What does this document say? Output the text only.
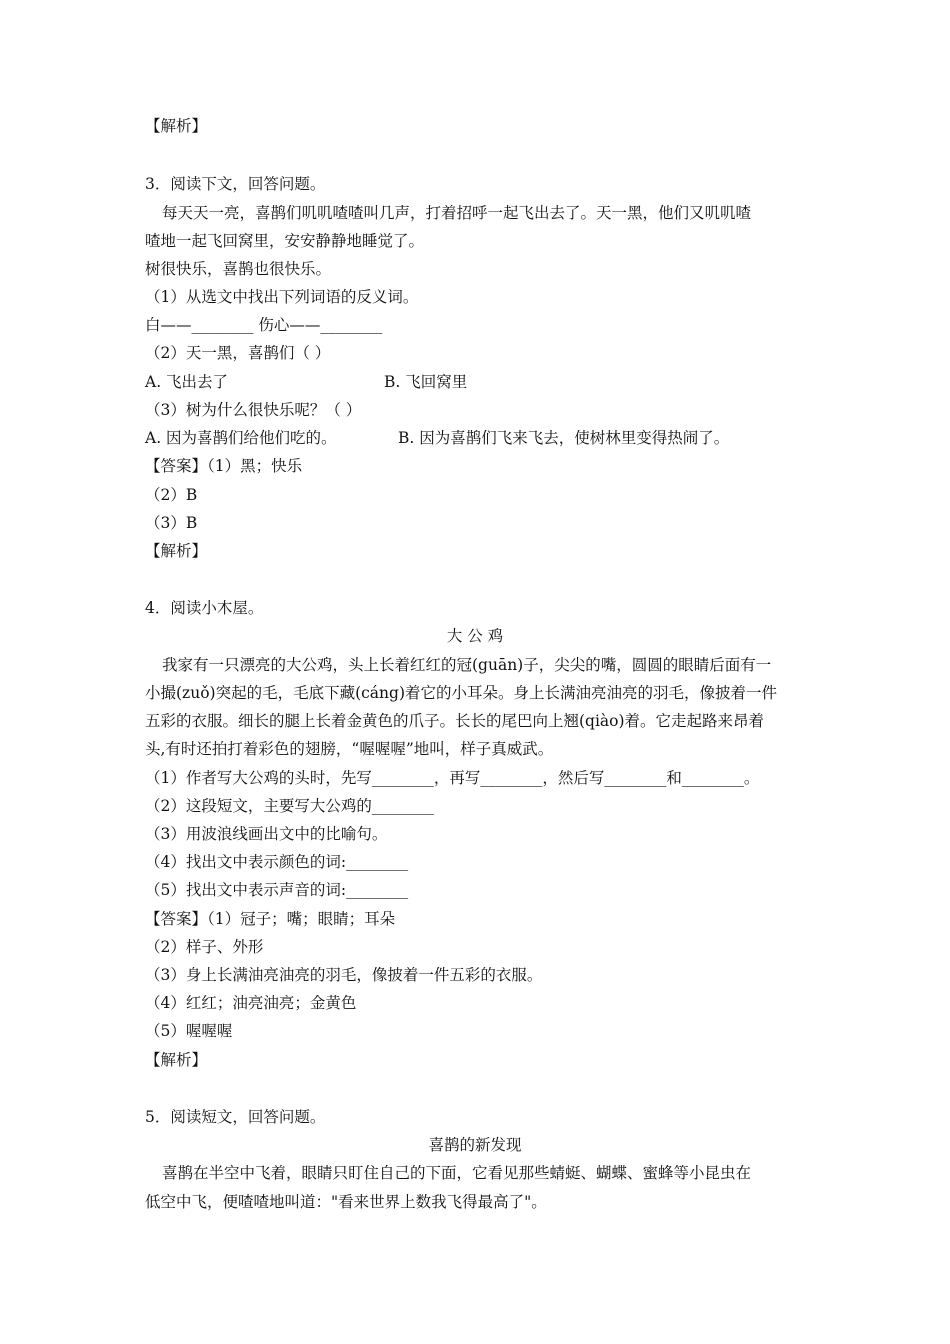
【解析】
3．阅读下文，回答问题。
每天天一亮，喜鹊们叽叽喳喳叫几声，打着招呼一起飞出去了。天一黑，他们又叽叽喳
喳地一起飞回窝里，安安静静地睡觉了。
树很快乐，喜鹊也很快乐。
（1）从选文中找出下列词语的反义词。
白——________ 伤心——________
（2）天一黑，喜鹊们（ ）
A. 飞出去了	B. 飞回窝里
（3）树为什么很快乐呢？（ ）
A. 因为喜鹊们给他们吃的。	B. 因为喜鹊们飞来飞去，使树林里变得热闹了。
【答案】（1）黑；快乐
（2）B
（3）B
【解析】
4．阅读小木屋。
大 公 鸡
我家有一只漂亮的大公鸡，头上长着红红的冠(guān)子，尖尖的嘴，圆圆的眼睛后面有一
小撮(zuǒ)突起的毛，毛底下藏(cáng)着它的小耳朵。身上长满油亮油亮的羽毛，像披着一件
五彩的衣服。细长的腿上长着金黄色的爪子。长长的尾巴向上翘(qiào)着。它走起路来昂着
头,有时还拍打着彩色的翅膀，“喔喔喔”地叫，样子真威武。
（1）作者写大公鸡的头时，先写________，再写________，然后写________和________。
（2）这段短文，主要写大公鸡的________
（3）用波浪线画出文中的比喻句。
（4）找出文中表示颜色的词:________
（5）找出文中表示声音的词:________
【答案】（1）冠子；嘴；眼睛；耳朵
（2）样子、外形
（3）身上长满油亮油亮的羽毛，像披着一件五彩的衣服。
（4）红红；油亮油亮；金黄色
（5）喔喔喔
【解析】
5．阅读短文，回答问题。
喜鹊的新发现
喜鹊在半空中飞着，眼睛只盯住自己的下面，它看见那些蜻蜓、蝴蝶、蜜蜂等小昆虫在
低空中飞，便喳喳地叫道："看来世界上数我飞得最高了"。
